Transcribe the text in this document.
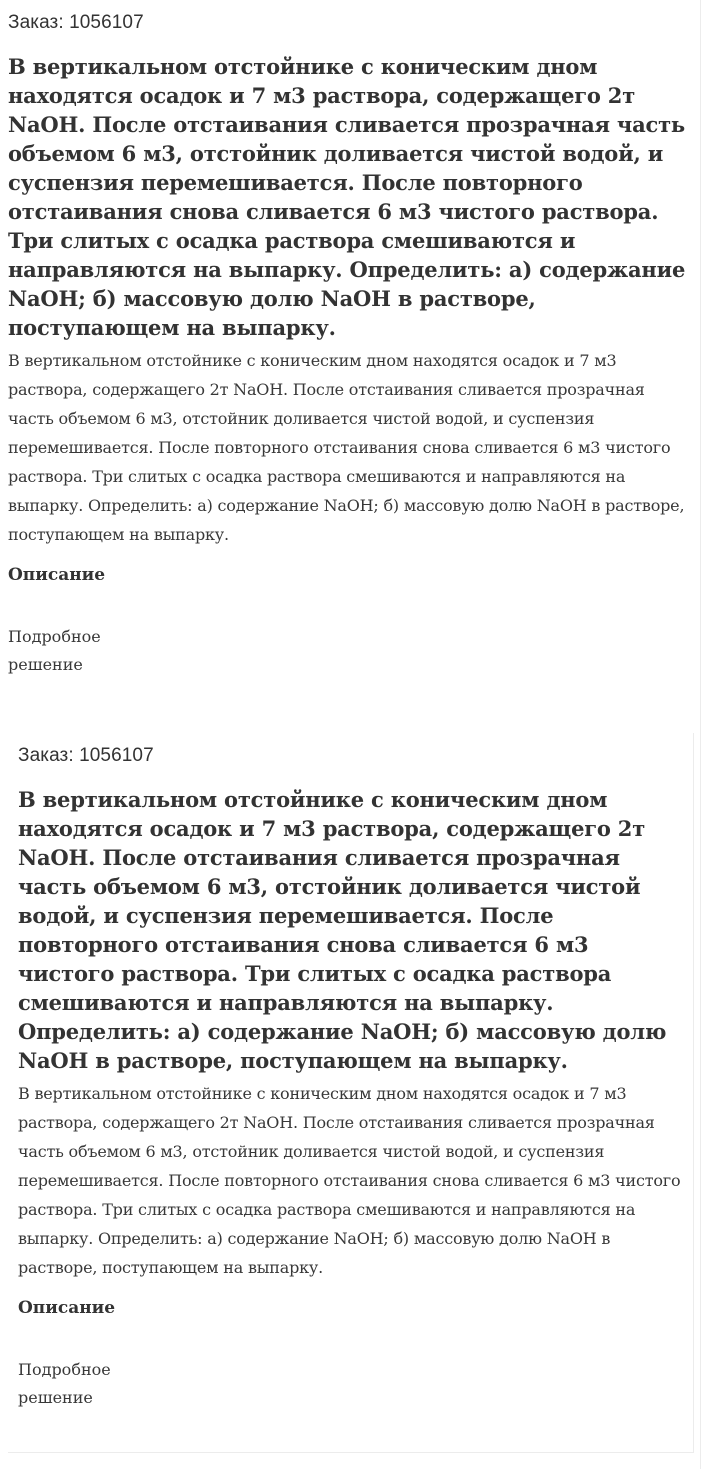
Заказ: 1056107
В вертикальном отстойнике с коническим дном находятся осадок и 7 м3 раствора, содержащего 2т NaOH. После отстаивания сливается прозрачная часть объемом 6 м3, отстойник доливается чистой водой, и суспензия перемешивается. После повторного отстаивания снова сливается 6 м3 чистого раствора. Три слитых с осадка раствора смешиваются и направляются на выпарку. Определить: а) содержание NaOH; б) массовую долю NaOH в растворе, поступающем на выпарку.

В вертикальном отстойнике с коническим дном находятся осадок и 7 м3 раствора, содержащего 2т NaOH. После отстаивания сливается прозрачная часть объемом 6 м3, отстойник доливается чистой водой, и суспензия перемешивается. После повторного отстаивания снова сливается 6 м3 чистого раствора. Три слитых с осадка раствора смешиваются и направляются на выпарку. Определить: а) содержание NaOH; б) массовую долю NaOH в растворе, поступающем на выпарку.

Описание
Подробное решение
Заказ: 1056107
В вертикальном отстойнике с коническим дном находятся осадок и 7 м3 раствора, содержащего 2т NaOH. После отстаивания сливается прозрачная часть объемом 6 м3, отстойник доливается чистой водой, и суспензия перемешивается. После повторного отстаивания снова сливается 6 м3 чистого раствора. Три слитых с осадка раствора смешиваются и направляются на выпарку. Определить: а) содержание NaOH; б) массовую долю NaOH в растворе, поступающем на выпарку.

В вертикальном отстойнике с коническим дном находятся осадок и 7 м3 раствора, содержащего 2т NaOH. После отстаивания сливается прозрачная часть объемом 6 м3, отстойник доливается чистой водой, и суспензия перемешивается. После повторного отстаивания снова сливается 6 м3 чистого раствора. Три слитых с осадка раствора смешиваются и направляются на выпарку. Определить: а) содержание NaOH; б) массовую долю NaOH в растворе, поступающем на выпарку.

Описание
Подробное решение
